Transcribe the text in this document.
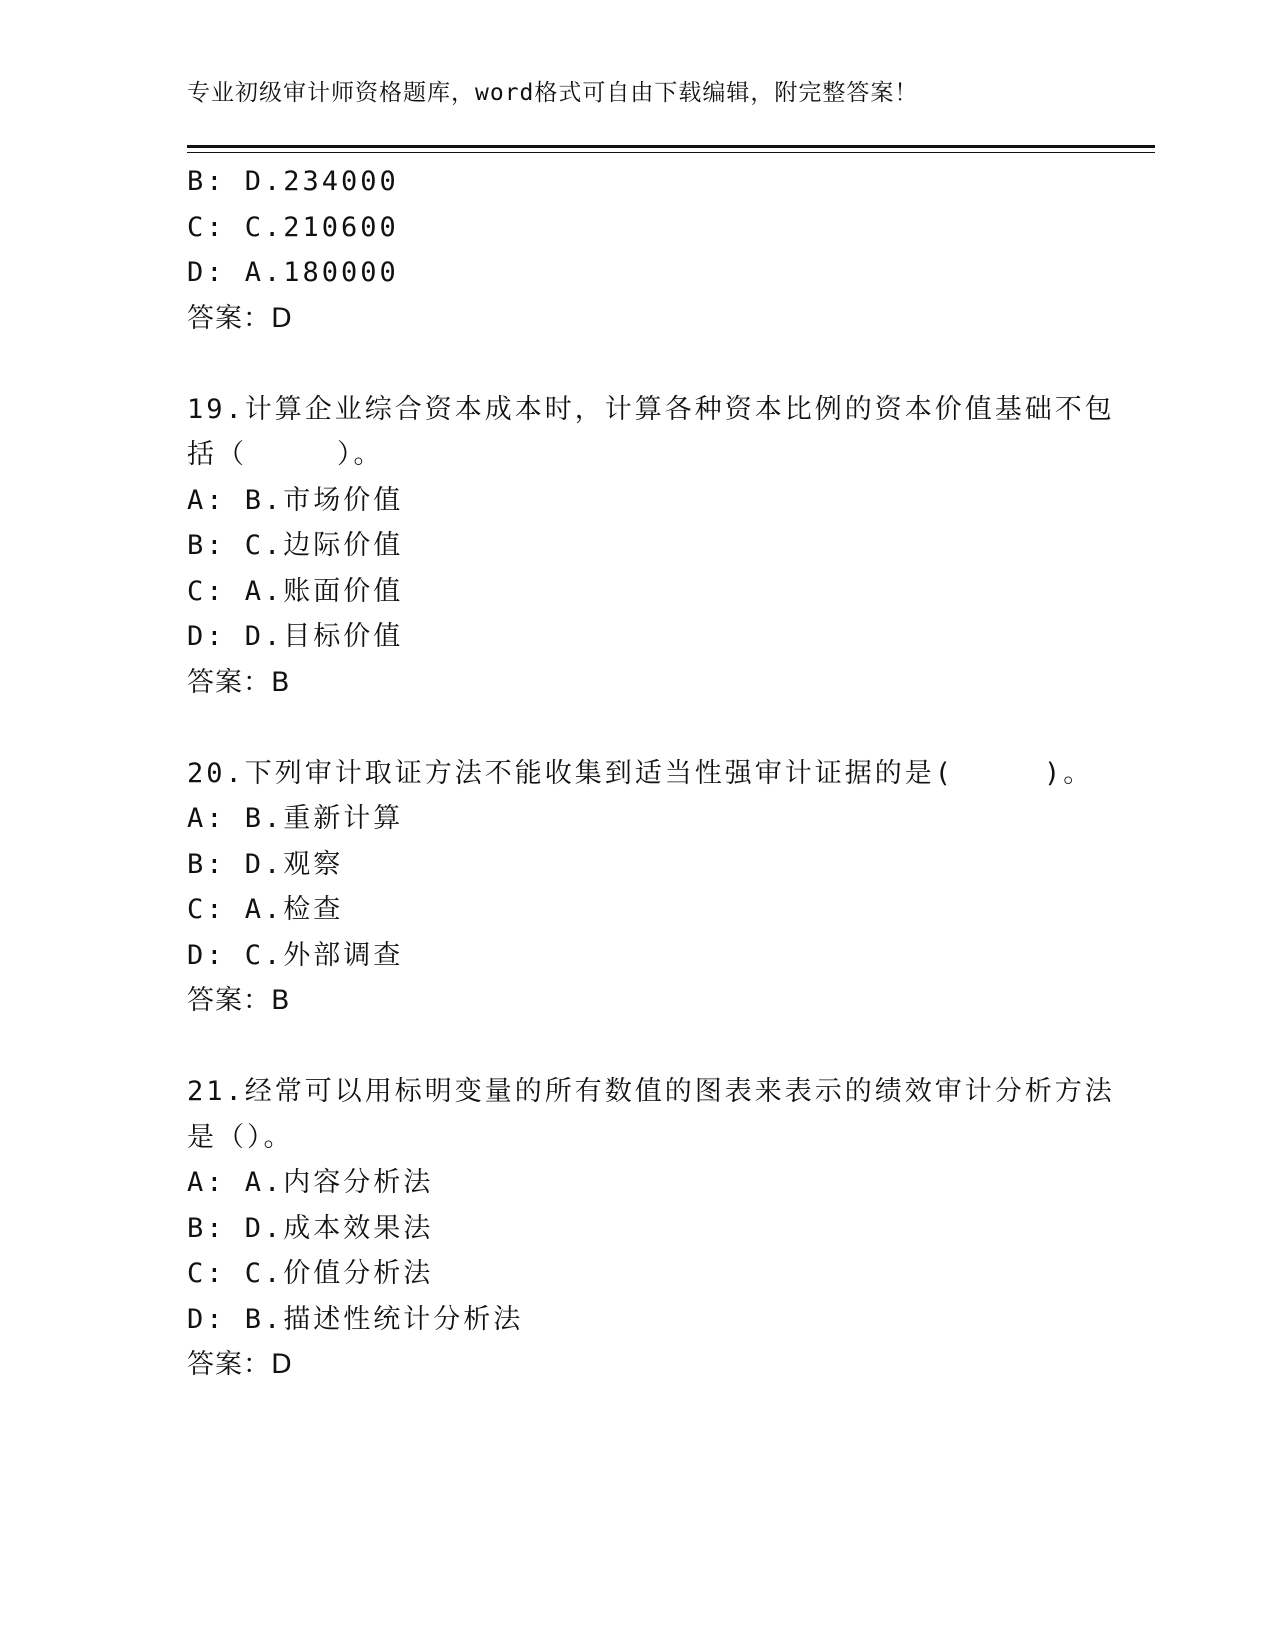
专业初级审计师资格题库，word格式可自由下载编辑，附完整答案！
B: D.234000
C: C.210600
D: A.180000
答案：D
19.计算企业综合资本成本时，计算各种资本比例的资本价值基础不包
括（　　　）。
A: B.市场价值
B: C.边际价值
C: A.账面价值
D: D.目标价值
答案：B
20.下列审计取证方法不能收集到适当性强审计证据的是(　　　)。
A: B.重新计算
B: D.观察
C: A.检查
D: C.外部调查
答案：B
21.经常可以用标明变量的所有数值的图表来表示的绩效审计分析方法
是（）。
A: A.内容分析法
B: D.成本效果法
C: C.价值分析法
D: B.描述性统计分析法
答案：D
